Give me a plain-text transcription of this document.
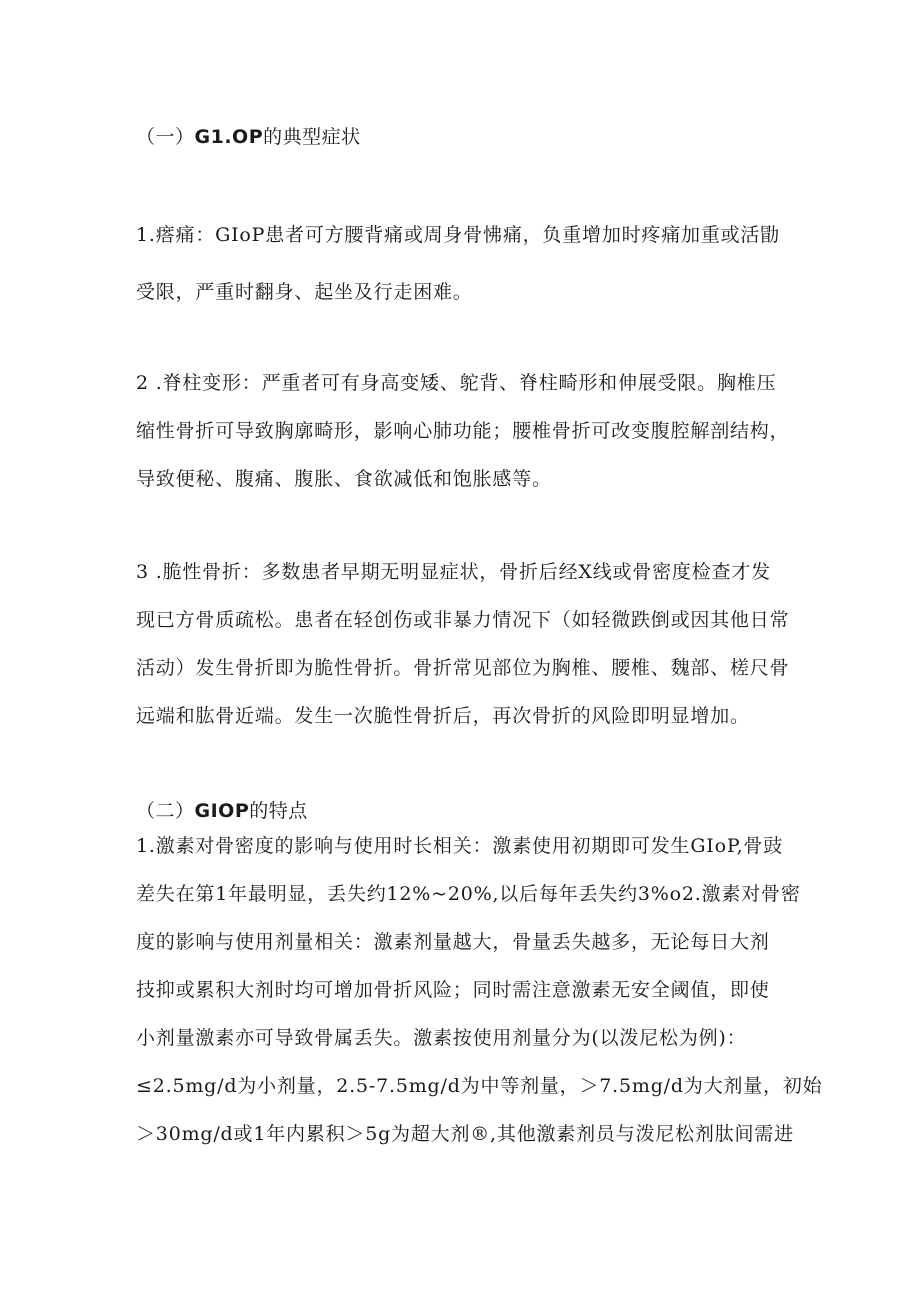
（一）G1.OP的典型症状
1.瘩痛：GIoP患者可方腰背痛或周身骨怫痛，负重增加时疼痛加重或活勖
受限，严重时翻身、起坐及行走困难。
2 .脊柱变形：严重者可有身高变矮、鸵背、脊柱畸形和伸展受限。胸椎压
缩性骨折可导致胸廓畸形，影响心肺功能；腰椎骨折可改变腹腔解剖结构，
导致便秘、腹痛、腹胀、食欲减低和饱胀感等。
3 .脆性骨折：多数患者早期无明显症状，骨折后经X线或骨密度检查才发
现已方骨质疏松。患者在轻创伤或非暴力情况下（如轻微跌倒或因其他日常
活动）发生骨折即为脆性骨折。骨折常见部位为胸椎、腰椎、魏部、槎尺骨
远端和肱骨近端。发生一次脆性骨折后，再次骨折的风险即明显增加。
（二）GIOP的特点
1.激素对骨密度的影响与使用时长相关：激素使用初期即可发生GIoP,骨豉
差失在第1年最明显，丢失约12%~20%,以后每年丢失约3%o2.激素对骨密
度的影响与使用剂量相关：激素剂量越大，骨量丢失越多，无论每日大剂
技抑或累积大剂时均可增加骨折风险；同时需注意激素无安全阈值，即使
小剂量激素亦可导致骨属丢失。激素按使用剂量分为(以泼尼松为例)：
≤2.5mg/d为小剂量，2.5-7.5mg/d为中等剂量，＞7.5mg/d为大剂量，初始
＞30mg/d或1年内累积＞5g为超大剂®,其他激素剂员与泼尼松剂肽间需进
